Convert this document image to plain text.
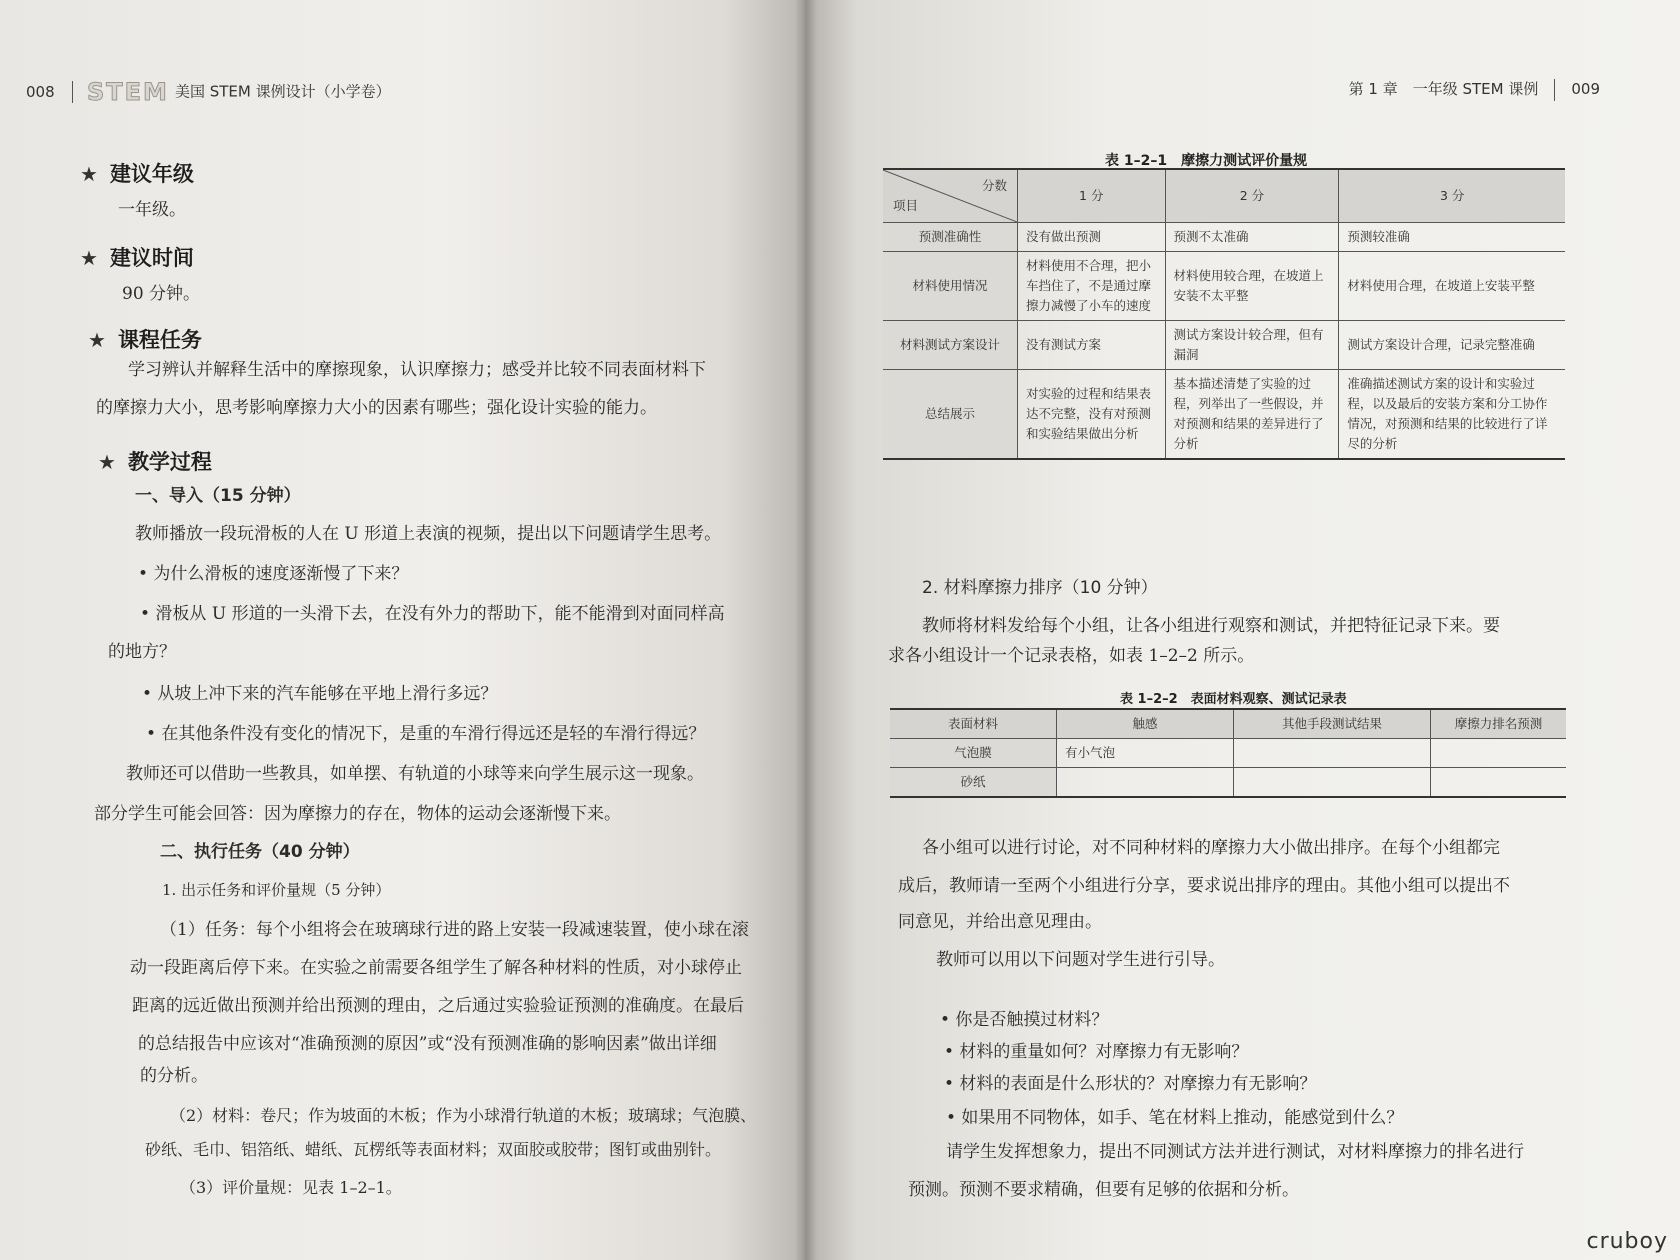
008 STEM 美国 STEM 课例设计（小学卷）
★ 建议年级
一年级。
★ 建议时间
90 分钟。
★ 课程任务
学习辨认并解释生活中的摩擦现象，认识摩擦力；感受并比较不同表面材料下
的摩擦力大小，思考影响摩擦力大小的因素有哪些；强化设计实验的能力。
★ 教学过程
一、导入（15 分钟）
教师播放一段玩滑板的人在 U 形道上表演的视频，提出以下问题请学生思考。
• 为什么滑板的速度逐渐慢了下来？
• 滑板从 U 形道的一头滑下去，在没有外力的帮助下，能不能滑到对面同样高
的地方？
• 从坡上冲下来的汽车能够在平地上滑行多远？
• 在其他条件没有变化的情况下，是重的车滑行得远还是轻的车滑行得远？
教师还可以借助一些教具，如单摆、有轨道的小球等来向学生展示这一现象。
部分学生可能会回答：因为摩擦力的存在，物体的运动会逐渐慢下来。
二、执行任务（40 分钟）
1. 出示任务和评价量规（5 分钟）
（1）任务：每个小组将会在玻璃球行进的路上安装一段减速装置，使小球在滚
动一段距离后停下来。在实验之前需要各组学生了解各种材料的性质，对小球停止
距离的远近做出预测并给出预测的理由，之后通过实验验证预测的准确度。在最后
的总结报告中应该对“准确预测的原因”或“没有预测准确的影响因素”做出详细
的分析。
（2）材料：卷尺；作为坡面的木板；作为小球滑行轨道的木板；玻璃球；气泡膜、
砂纸、毛巾、铝箔纸、蜡纸、瓦楞纸等表面材料；双面胶或胶带；图钉或曲别针。
（3）评价量规：见表 1–2–1。
第 1 章　一年级 STEM 课例 009
表 1–2–1　摩擦力测试评价量规
分数
项目	1 分	2 分	3 分
预测准确性	没有做出预测	预测不太准确	预测较准确
材料使用情况	材料使用不合理，把小车挡住了，不是通过摩擦力减慢了小车的速度	材料使用较合理，在坡道上安装不太平整	材料使用合理，在坡道上安装平整
材料测试方案设计	没有测试方案	测试方案设计较合理，但有漏洞	测试方案设计合理，记录完整准确
总结展示	对实验的过程和结果表达不完整，没有对预测和实验结果做出分析	基本描述清楚了实验的过程，列举出了一些假设，并对预测和结果的差异进行了分析	准确描述测试方案的设计和实验过程，以及最后的安装方案和分工协作情况，对预测和结果的比较进行了详尽的分析
2. 材料摩擦力排序（10 分钟）
教师将材料发给每个小组，让各小组进行观察和测试，并把特征记录下来。要
求各小组设计一个记录表格，如表 1–2–2 所示。
表 1–2–2　表面材料观察、测试记录表
表面材料	触感	其他手段测试结果	摩擦力排名预测
气泡膜	有小气泡		
砂纸			
各小组可以进行讨论，对不同种材料的摩擦力大小做出排序。在每个小组都完
成后，教师请一至两个小组进行分享，要求说出排序的理由。其他小组可以提出不
同意见，并给出意见理由。
教师可以用以下问题对学生进行引导。
• 你是否触摸过材料？
• 材料的重量如何？对摩擦力有无影响？
• 材料的表面是什么形状的？对摩擦力有无影响？
• 如果用不同物体，如手、笔在材料上推动，能感觉到什么？
请学生发挥想象力，提出不同测试方法并进行测试，对材料摩擦力的排名进行
预测。预测不要求精确，但要有足够的依据和分析。
cruboy
